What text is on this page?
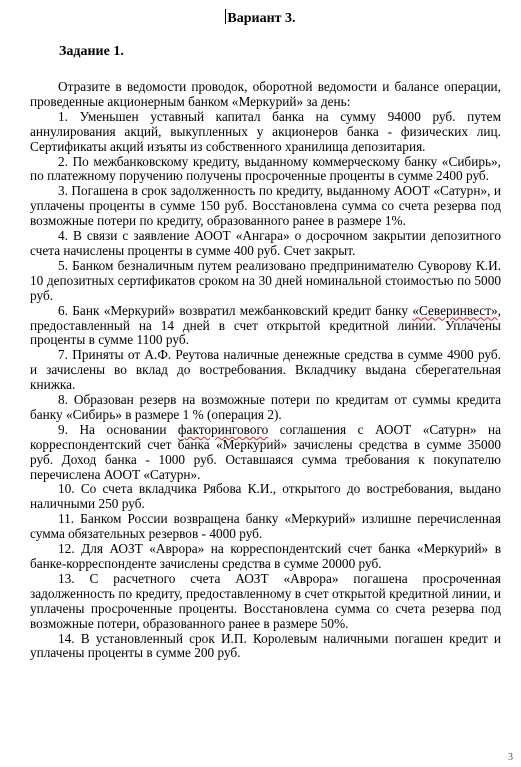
Вариант 3.
Задание 1.

Отразите в ведомости проводок, оборотной ведомости и балансе операции, проведенные акционерным банком «Меркурий» за день:

1. Уменьшен уставный капитал банка на сумму 94000 руб. путем аннулирования акций, выкупленных у акционеров банка - физических лиц. Сертификаты акций изъяты из собственного хранилища депозитария.

2. По межбанковскому кредиту, выданному коммерческому банку «Сибирь», по платежному поручению получены просроченные проценты в сумме 2400 руб.

3. Погашена в срок задолженность по кредиту, выданному АООТ «Сатурн», и уплачены проценты в сумме 150 руб. Восстановлена сумма со счета резерва под возможные потери по кредиту, образованного ранее в размере 1%.

4. В связи с заявление АООТ «Ангара» о досрочном закрытии депозитного счета начислены проценты в сумме 400 руб. Счет закрыт.

5. Банком безналичным путем реализовано предпринимателю Суворову К.И. 10 депозитных сертификатов сроком на 30 дней номинальной стоимостью по 5000 руб.

6. Банк «Меркурий» возвратил межбанковский кредит банку «Северинвест», предоставленный на 14 дней в счет открытой кредитной линии. Уплачены проценты в сумме 1100 руб.

7. Приняты от А.Ф. Реутова наличные денежные средства в сумме 4900 руб. и зачислены во вклад до востребования. Вкладчику выдана сберегательная книжка.

8. Образован резерв на возможные потери по кредитам от суммы кредита банку «Сибирь» в размере 1 % (операция 2).

9. На основании факторингового соглашения с АООТ «Сатурн» на корреспондентский счет банка «Меркурий» зачислены средства в сумме 35000 руб. Доход банка - 1000 руб. Оставшаяся сумма требования к покупателю перечислена АООТ «Сатурн».

10. Со счета вкладчика Рябова К.И., открытого до востребования, выдано наличными 250 руб.

11. Банком России возвращена банку «Меркурий» излишне перечисленная сумма обязательных резервов - 4000 руб.

12. Для АОЗТ «Аврора» на корреспондентский счет банка «Меркурий» в банке-корреспонденте зачислены средства в сумме 20000 руб.

13. С расчетного счета АОЗТ «Аврора» погашена просроченная задолженность по кредиту, предоставленному в счет открытой кредитной линии, и уплачены просроченные проценты. Восстановлена сумма со счета резерва под возможные потери, образованного ранее в размере 50%.

14. В установленный срок И.П. Королевым наличными погашен кредит и уплачены проценты в сумме 200 руб.

3
